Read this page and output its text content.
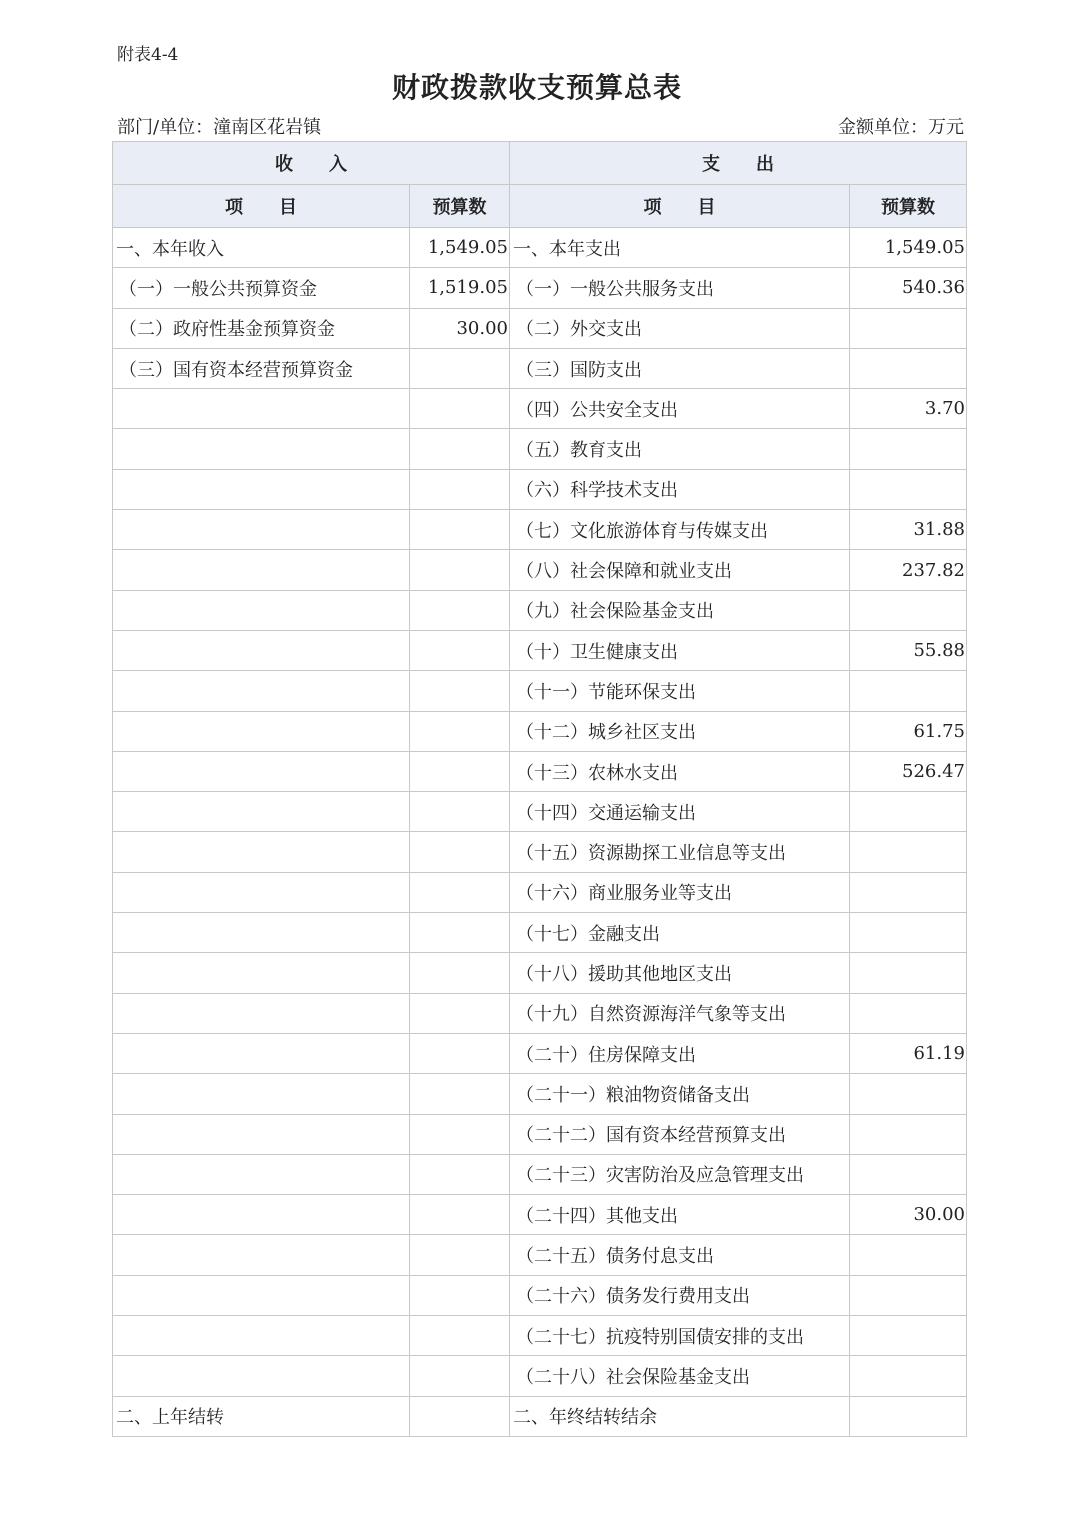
附表4-4
财政拨款收支预算总表
部门/单位：潼南区花岩镇	金额单位：万元
收　　入		支　　出	
项　　目	预算数	项　　目	预算数
一、本年收入	1,549.05	一、本年支出	1,549.05
（一）一般公共预算资金	1,519.05	（一）一般公共服务支出	540.36
（二）政府性基金预算资金	30.00	（二）外交支出	
（三）国有资本经营预算资金		（三）国防支出	
		（四）公共安全支出	3.70
		（五）教育支出	
		（六）科学技术支出	
		（七）文化旅游体育与传媒支出	31.88
		（八）社会保障和就业支出	237.82
		（九）社会保险基金支出	
		（十）卫生健康支出	55.88
		（十一）节能环保支出	
		（十二）城乡社区支出	61.75
		（十三）农林水支出	526.47
		（十四）交通运输支出	
		（十五）资源勘探工业信息等支出	
		（十六）商业服务业等支出	
		（十七）金融支出	
		（十八）援助其他地区支出	
		（十九）自然资源海洋气象等支出	
		（二十）住房保障支出	61.19
		（二十一）粮油物资储备支出	
		（二十二）国有资本经营预算支出	
		（二十三）灾害防治及应急管理支出	
		（二十四）其他支出	30.00
		（二十五）债务付息支出	
		（二十六）债务发行费用支出	
		（二十七）抗疫特别国债安排的支出	
		（二十八）社会保险基金支出	
二、上年结转		二、年终结转结余	
